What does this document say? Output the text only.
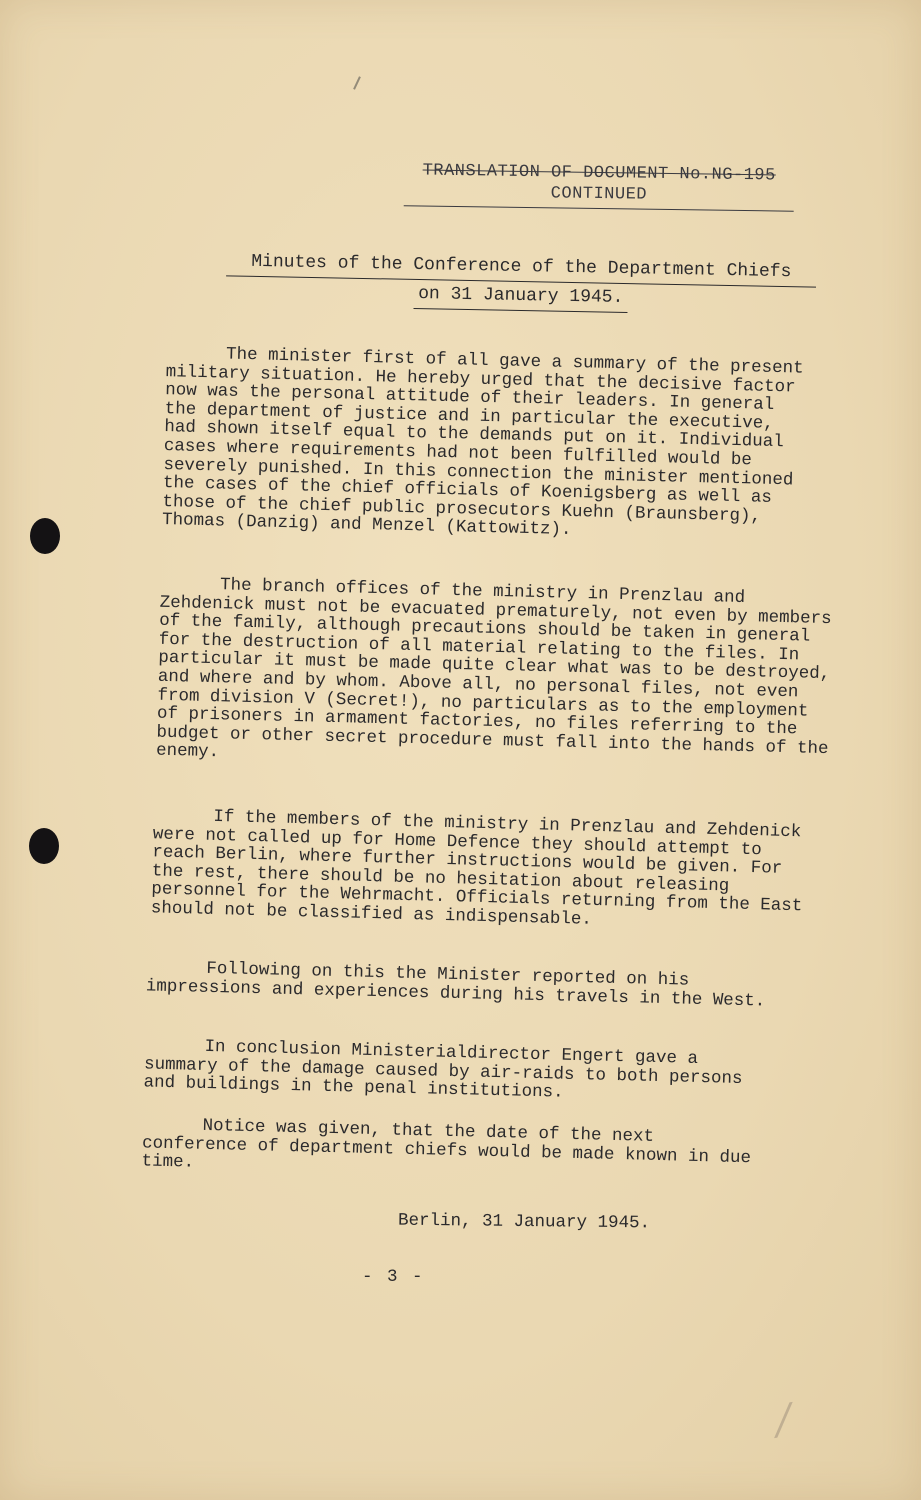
TRANSLATION OF DOCUMENT No.NG-195
CONTINUED
Minutes of the Conference of the Department Chiefs
on 31 January 1945.

The minister first of all gave a summary of the present military situation. He hereby urged that the decisive factor now was the personal attitude of their leaders. In general the department of justice and in particular the executive, had shown itself equal to the demands put on it. Individual cases where requirements had not been fulfilled would be severely punished. In this connection the minister mentioned the cases of the chief officials of Koenigsberg as well as those of the chief public prosecutors Kuehn (Braunsberg), Thomas (Danzig) and Menzel (Kattowitz).

The branch offices of the ministry in Prenzlau and Zehdenick must not be evacuated prematurely, not even by members of the family, although precautions should be taken in general for the destruction of all material relating to the files. In particular it must be made quite clear what was to be destroyed, and where and by whom. Above all, no personal files, not even from division V (Secret!), no particulars as to the employment of prisoners in armament factories, no files referring to the budget or other secret procedure must fall into the hands of the enemy.

If the members of the ministry in Prenzlau and Zehdenick were not called up for Home Defence they should attempt to reach Berlin, where further instructions would be given. For the rest, there should be no hesitation about releasing personnel for the Wehrmacht. Officials returning from the East should not be classified as indispensable.

Following on this the Minister reported on his impressions and experiences during his travels in the West.

In conclusion Ministerialdirector Engert gave a summary of the damage caused by air-raids to both persons and buildings in the penal institutions.

Notice was given, that the date of the next conference of department chiefs would be made known in due time.

Berlin, 31 January 1945.
- 3 -
⁄
